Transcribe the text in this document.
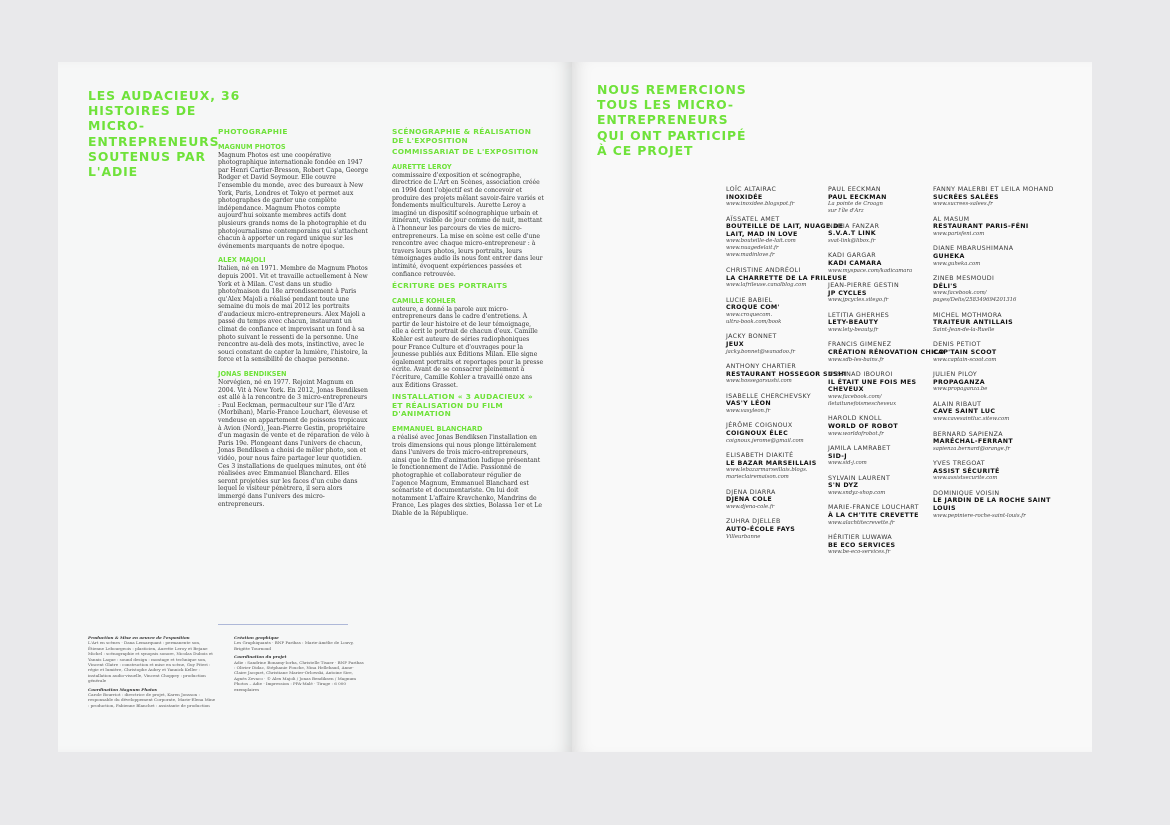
LES AUDACIEUX, 36 HISTOIRES DE MICRO-ENTREPRENEURS SOUTENUS PAR L'ADIE
PHOTOGRAPHIE
MAGNUM PHOTOS
Magnum Photos est une coopérative photographique internationale fondée en 1947 par Henri Cartier-Bresson, Robert Capa, George Rodger et David Seymour. Elle couvre l'ensemble du monde, avec des bureaux à New York, Paris, Londres et Tokyo et permet aux photographes de garder une complète indépendance. Magnum Photos compte aujourd'hui soixante membres actifs dont plusieurs grands noms de la photographie et du photojournalisme contemporains qui s'attachent chacun à apporter un regard unique sur les événements marquants de notre époque.
ALEX MAJOLI
Italien, né en 1971. Membre de Magnum Photos depuis 2001. Vit et travaille actuellement à New York et à Milan. C'est dans un studio photo/maison du 18e arrondissement à Paris qu'Alex Majoli a réalisé pendant toute une semaine du mois de mai 2012 les portraits d'audacieux micro-entrepreneurs. Alex Majoli a passé du temps avec chacun, instaurant un climat de confiance et improvisant un fond à sa photo suivant le ressenti de la personne. Une rencontre au-delà des mots, instinctive, avec le souci constant de capter la lumière, l'histoire, la force et la sensibilité de chaque personne.
JONAS BENDIKSEN
Norvégien, né en 1977. Rejoint Magnum en 2004. Vit à New York. En 2012, Jonas Bendiksen est allé à la rencontre de 3 micro-entrepreneurs : Paul Eeckman, permaculteur sur l'île d'Arz (Morbihan), Marie-France Louchart, éleveuse et vendeuse en appartement de poissons tropicaux à Avion (Nord), Jean-Pierre Gestin, propriétaire d'un magasin de vente et de réparation de vélo à Paris 19e. Plongeant dans l'univers de chacun, Jonas Bendiksen a choisi de mêler photo, son et vidéo, pour nous faire partager leur quotidien. Ces 3 installations de quelques minutes, ont été réalisées avec Emmanuel Blanchard. Elles seront projetées sur les faces d'un cube dans lequel le visiteur pénètrera, il sera alors immergé dans l'univers des micro-entrepreneurs.
SCÉNOGRAPHIE & RÉALISATION DE L'EXPOSITION
COMMISSARIAT DE L'EXPOSITION
AURETTE LEROY
commissaire d'exposition et scénographe, directrice de L'Art en Scènes, association créée en 1994 dont l'objectif est de concevoir et produire des projets mêlant savoir-faire variés et fondements multiculturels. Aurette Leroy a imaginé un dispositif scénographique urbain et itinérant, visible de jour comme de nuit, mettant à l'honneur les parcours de vies de micro-entrepreneurs. La mise en scène est celle d'une rencontre avec chaque micro-entrepreneur : à travers leurs photos, leurs portraits, leurs témoignages audio ils nous font entrer dans leur intimité, évoquent expériences passées et confiance retrouvée.
ÉCRITURE DES PORTRAITS
CAMILLE KOHLER
auteure, a donné la parole aux micro-entrepreneurs dans le cadre d'entretiens. À partir de leur histoire et de leur témoignage, elle a écrit le portrait de chacun d'eux. Camille Kohler est auteure de séries radiophoniques pour France Culture et d'ouvrages pour la jeunesse publiés aux Éditions Milan. Elle signe également portraits et reportages pour la presse écrite. Avant de se consacrer pleinement à l'écriture, Camille Kohler a travaillé onze ans aux Éditions Grasset.
INSTALLATION « 3 AUDACIEUX » ET RÉALISATION DU FILM D'ANIMATION
EMMANUEL BLANCHARD
a réalisé avec Jonas Bendiksen l'installation en trois dimensions qui nous plonge littéralement dans l'univers de trois micro-entrepreneurs, ainsi que le film d'animation ludique présentant le fonctionnement de l'Adie. Passionné de photographie et collaborateur régulier de l'agence Magnum, Emmanuel Blanchard est scénariste et documentariste. On lui doit notamment L'affaire Kravchenko, Mandrins de France, Les plages des sixties, Bolassa 1er et Le Diable de la République.
Production & Mise en oeuvre de l'exposition
L'Art en scènes · Dana Lemarquant : permanente son, Étienne Lebourgeois : plasticien, Aurette Leroy et Bejane Michel : scénographie et synopsis sonore, Nicolas Dubois et Yannis Laque : sound design : montage et technique son, Vincent Glatre : construction et mise en scène, Guy Piteri : régie et lumière, Christophe Aubry et Yannick Keller : installation audio-visuelle, Vincent Choppey : production générale
Coordination Magnum Photos
Carole Bourriot : directrice de projet, Karen Jonsson : responsable du développement Corporate, Marie-Elena Mine : production, Fabienne Blanchet : assistante de production
Création graphique
Les Graphiquants · BNP Paribas : Marie-Amélie de Louvy, Brigitte Tournoud
Coordination du projet
Adie : Sandrine Bonamy-Iorba, Christelle Tisaer · BNP Paribas : Olivier Didac, Stéphanie Fouche, Nina Hellebaud, Anne-Claire Jacquet, Christiane Marier-Orlowski, Antoine Sire, Agnès Zevaco · © Alex Majoli / Jonas Bendiksen / Magnum Photos – Adie · Impression : PPA-Malé · Tirage : 6 000 exemplaires
NOUS REMERCIONS TOUS LES MICRO-ENTREPRENEURS QUI ONT PARTICIPÉ À CE PROJET
LOÏC ALTAIRAC
INOXIDÉE
www.inoxidee.blogspot.fr
AÏSSATEL AMET
BOUTEILLE DE LAIT, NUAGE DE LAIT, MAD IN LOVE
www.bouteille-de-lait.com
www.nuagedelait.fr
www.madinlove.fr
CHRISTINE ANDRÉOLI
LA CHARRETTE DE LA FRILEUSE
www.lafrileuse.canalblog.com
LUCIE BABIEL
CROQUE COM'
www.croquecom.
ultra-book.com/book
JACKY BONNET
JEUX
jacky.bonnet@wanadoo.fr
ANTHONY CHARTIER
RESTAURANT HOSSEGOR SUSHI
www.hossegorsushi.com
ISABELLE CHERCHEVSKY
VAS'Y LÉON
www.vasyleon.fr
JÉRÔME COIGNOUX
COIGNOUX ÉLEC
coignoux.jerome@gmail.com
ELISABETH DIAKITÉ
LE BAZAR MARSEILLAIS
www.lebazarmarseillais.blogs.
marieclairemaison.com
DJENA DIARRA
DJENA COLE
www.djena-cole.fr
ZUHRA DJELLEB
AUTO-ÉCOLE FAYS
Villeurbanne
PAUL EECKMAN
PAUL EECKMAN
La pointe de Croagn
sur l'île d'Arz
NADIA FANZAR
S.V.A.T LINK
svat-link@libox.fr
KADI GARGAR
KADI CAMARA
www.myspace.com/kadicamara
JEAN-PIERRE GESTIN
JP CYCLES
www.jpcycles.sitego.fr
LETITIA GHERHES
LETY-BEAUTY
www.lety-beauty.fr
FRANCIS GIMENEZ
CRÉATION RÉNOVATION CHICO
www.sdb-les-bains.fr
ASSANAD IBOUROI
IL ÉTAIT UNE FOIS MES CHEVEUX
www.facebook.com/
iletaitunefoismescheveux
HAROLD KNOLL
WORLD OF ROBOT
www.worldofrobot.fr
JAMILA LAMRABET
SID-J
www.sid-j.com
SYLVAIN LAURENT
S'N DYZ
www.sndyz-shop.com
MARIE-FRANCE LOUCHART
À LA CH'TITE CREVETTE
www.alachtitecrevette.fr
HÉRITIER LUWAWA
BE ECO SERVICES
www.be-eco-services.fr
FANNY MALERBI ET LEILA MOHAND
SUCRÉES SALÉES
www.sucrees-salees.fr
AL MASUM
RESTAURANT PARIS-FÉNI
www.parisfeni.com
DIANE MBARUSHIMANA
GUHEKA
www.guheka.com
ZINEB MESMOUDI
DÉLI'S
www.facebook.com/
pages/Delis/258349694201316
MICHEL MOTHMORA
TRAITEUR ANTILLAIS
Saint-Jean-de-la-Ruelle
DENIS PETIOT
CAP'TAIN SCOOT
www.captain-scoot.com
JULIEN PILOY
PROPAGANZA
www.propaganza.be
ALAIN RIBAUT
CAVE SAINT LUC
www.cavesaintluc.sitew.com
BERNARD SAPIENZA
MARÉCHAL-FERRANT
sapienza.bernard@orange.fr
YVES TREGOAT
ASSIST SÉCURITÉ
www.assistsecurite.com
DOMINIQUE VOISIN
LE JARDIN DE LA ROCHE SAINT LOUIS
www.pepiniere-roche-saint-louis.fr
